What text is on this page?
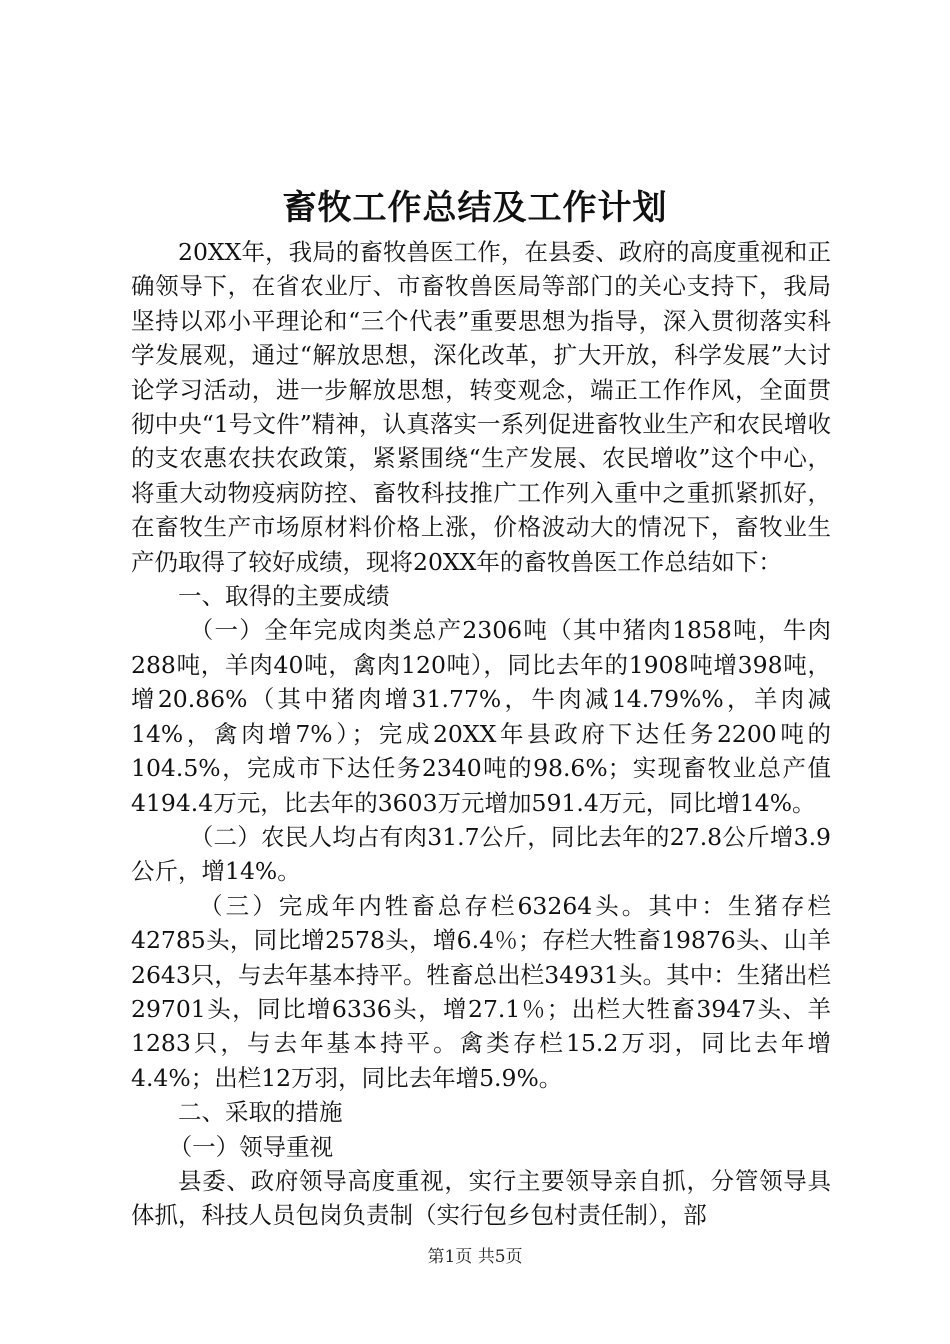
畜牧工作总结及工作计划

20XX年，我局的畜牧兽医工作，在县委、政府的高度重视和正确领导下，在省农业厅、市畜牧兽医局等部门的关心支持下，我局坚持以邓小平理论和“三个代表”重要思想为指导，深入贯彻落实科学发展观，通过“解放思想，深化改革，扩大开放，科学发展”大讨论学习活动，进一步解放思想，转变观念，端正工作作风，全面贯彻中央“1号文件”精神，认真落实一系列促进畜牧业生产和农民增收的支农惠农扶农政策，紧紧围绕“生产发展、农民增收”这个中心，将重大动物疫病防控、畜牧科技推广工作列入重中之重抓紧抓好，在畜牧生产市场原材料价格上涨，价格波动大的情况下，畜牧业生产仍取得了较好成绩，现将20XX年的畜牧兽医工作总结如下：

一、取得的主要成绩

（一）全年完成肉类总产2306吨（其中猪肉1858吨，牛肉288吨，羊肉40吨，禽肉120吨），同比去年的1908吨增398吨，增20.86%（其中猪肉增31.77%，牛肉减14.79%%，羊肉减14%，禽肉增7%）；完成20XX年县政府下达任务2200吨的104.5%，完成市下达任务2340吨的98.6%；实现畜牧业总产值4194.4万元，比去年的3603万元增加591.4万元，同比增14%。

（二）农民人均占有肉31.7公斤，同比去年的27.8公斤增3.9公斤，增14%。

（三）完成年内牲畜总存栏63264头。其中：生猪存栏42785头，同比增2578头，增6.4％；存栏大牲畜19876头、山羊2643只，与去年基本持平。牲畜总出栏34931头。其中：生猪出栏29701头，同比增6336头，增27.1％；出栏大牲畜3947头、羊1283只，与去年基本持平。禽类存栏15.2万羽，同比去年增4.4%；出栏12万羽，同比去年增5.9%。

二、采取的措施

（一）领导重视

县委、政府领导高度重视，实行主要领导亲自抓，分管领导具体抓，科技人员包岗负责制（实行包乡包村责任制），部

第1页 共5页
